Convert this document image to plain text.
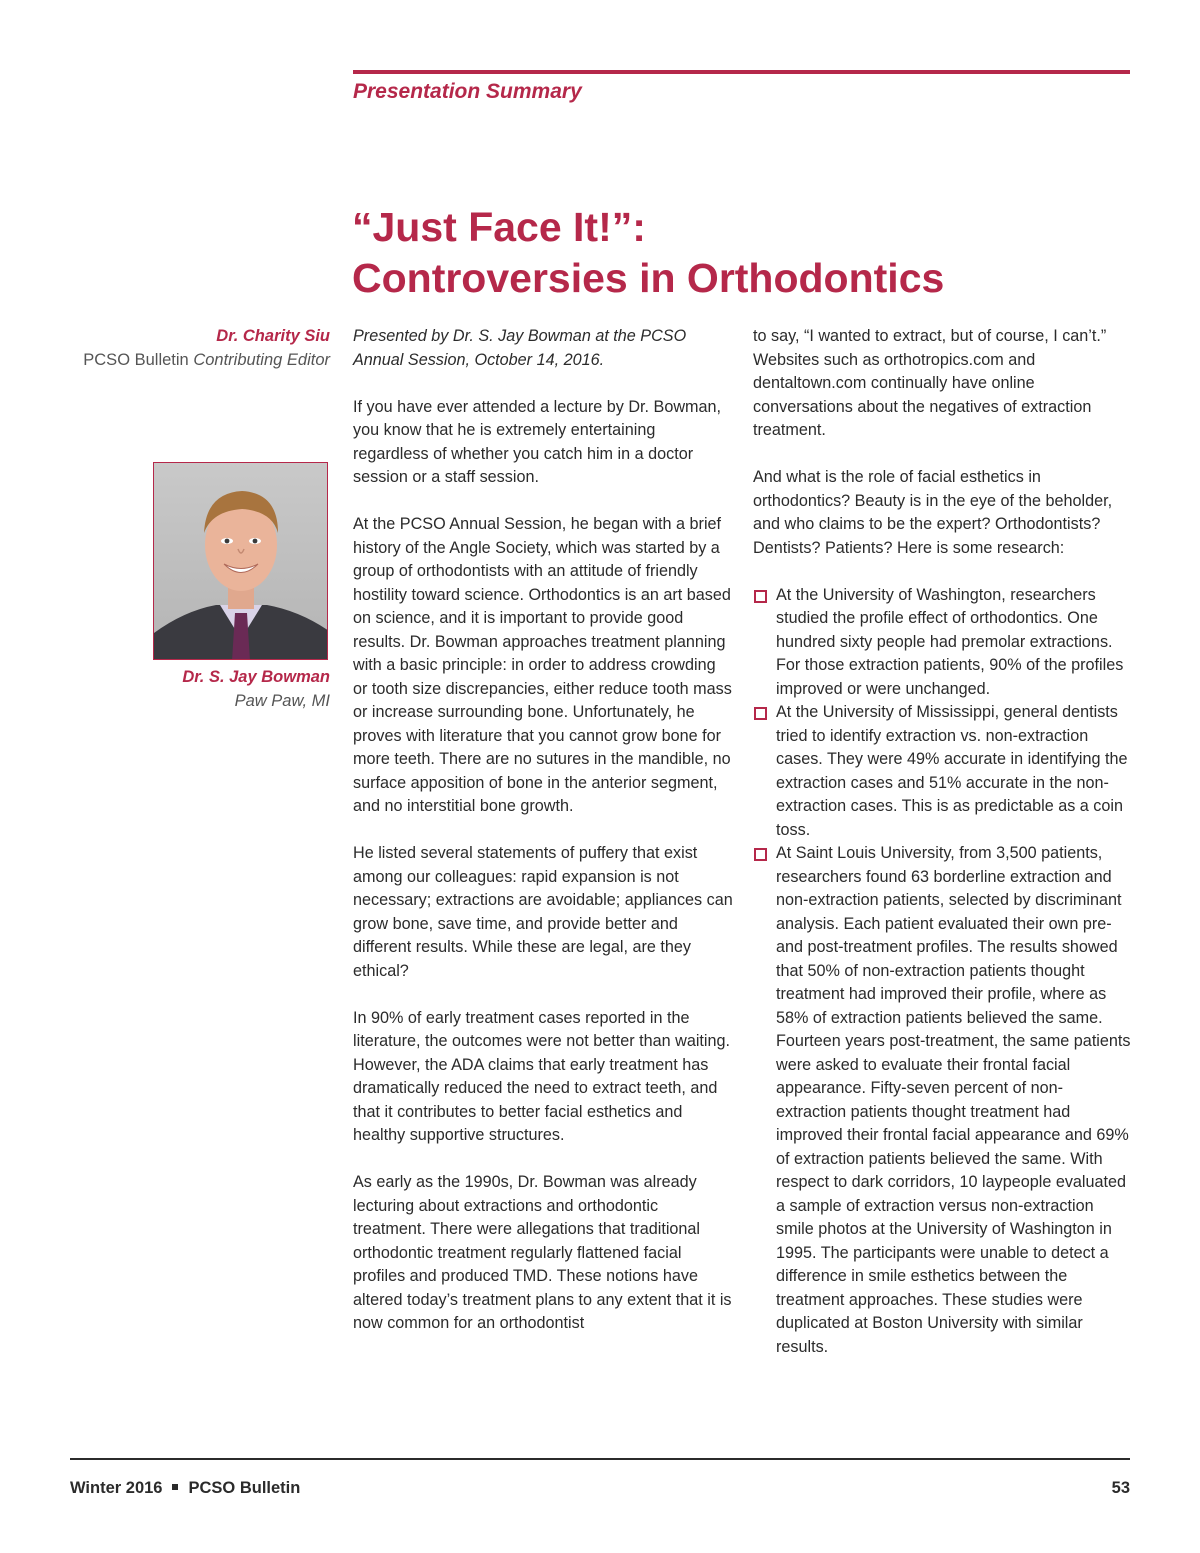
Presentation Summary
“Just Face It!”:
Controversies in Orthodontics
Dr. Charity Siu
PCSO Bulletin Contributing Editor
Dr. S. Jay Bowman
Paw Paw, MI

Presented by Dr. S. Jay Bowman at the PCSO Annual Session, October 14, 2016.

If you have ever attended a lecture by Dr. Bowman, you know that he is extremely entertaining regardless of whether you catch him in a doctor session or a staff session.

At the PCSO Annual Session, he began with a brief history of the Angle Society, which was started by a group of orthodontists with an attitude of friendly hostility toward science. Orthodontics is an art based on science, and it is important to provide good results. Dr. Bowman approaches treatment planning with a basic principle: in order to address crowding or tooth size discrepancies, either reduce tooth mass or increase surrounding bone. Unfortunately, he proves with literature that you cannot grow bone for more teeth. There are no sutures in the mandible, no surface apposition of bone in the anterior segment, and no interstitial bone growth.

He listed several statements of puffery that exist among our colleagues: rapid expansion is not necessary; extractions are avoidable; appliances can grow bone, save time, and provide better and different results. While these are legal, are they ethical?

In 90% of early treatment cases reported in the literature, the outcomes were not better than waiting. However, the ADA claims that early treatment has dramatically reduced the need to extract teeth, and that it contributes to better facial esthetics and healthy supportive structures.

As early as the 1990s, Dr. Bowman was already lecturing about extractions and orthodontic treatment. There were allegations that traditional orthodontic treatment regularly flattened facial profiles and produced TMD. These notions have altered today’s treatment plans to any extent that it is now common for an orthodontist

to say, “I wanted to extract, but of course, I can’t.” Websites such as orthotropics.com and dentaltown.com continually have online conversations about the negatives of extraction treatment.

And what is the role of facial esthetics in orthodontics? Beauty is in the eye of the beholder, and who claims to be the expert? Orthodontists? Dentists? Patients? Here is some research:

At the University of Washington, researchers studied the profile effect of orthodontics. One hundred sixty people had premolar extractions. For those extraction patients, 90% of the profiles improved or were unchanged.
At the University of Mississippi, general dentists tried to identify extraction vs. non-extraction cases. They were 49% accurate in identifying the extraction cases and 51% accurate in the non-extraction cases. This is as predictable as a coin toss.
At Saint Louis University, from 3,500 patients, researchers found 63 borderline extraction and non-extraction patients, selected by discriminant analysis. Each patient evaluated their own pre- and post-treatment profiles. The results showed that 50% of non-extraction patients thought treatment had improved their profile, where as 58% of extraction patients believed the same. Fourteen years post-treatment, the same patients were asked to evaluate their frontal facial appearance. Fifty-seven percent of non-extraction patients thought treatment had improved their frontal facial appearance and 69% of extraction patients believed the same. With respect to dark corridors, 10 laypeople evaluated a sample of extraction versus non-extraction smile photos at the University of Washington in 1995. The participants were unable to detect a difference in smile esthetics between the treatment approaches. These studies were duplicated at Boston University with similar results.
Winter 2016 PCSO Bulletin	53
